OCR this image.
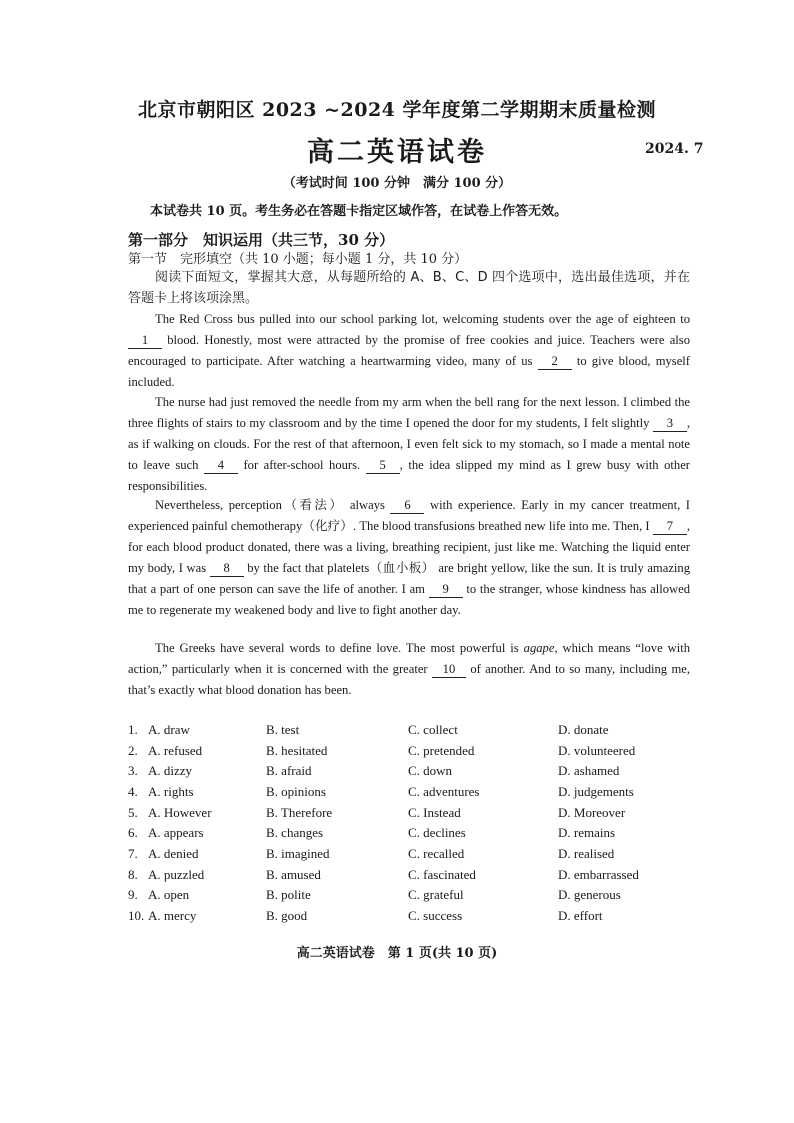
北京市朝阳区 2023 ~2024 学年度第二学期期末质量检测
高二英语试卷	2024. 7
（考试时间 100 分钟　满分 100 分）
本试卷共 10 页。考生务必在答题卡指定区域作答，在试卷上作答无效。
第一部分　知识运用（共三节，30 分）
第一节　完形填空（共 10 小题；每小题 1 分，共 10 分）
阅读下面短文，掌握其大意，从每题所给的 A、B、C、D 四个选项中，选出最佳选项，并在答题卡上将该项涂黑。
The Red Cross bus pulled into our school parking lot, welcoming students over the age of eighteen to 1 blood. Honestly, most were attracted by the promise of free cookies and juice. Teachers were also encouraged to participate. After watching a heartwarming video, many of us 2 to give blood, myself included.
The nurse had just removed the needle from my arm when the bell rang for the next lesson. I climbed the three flights of stairs to my classroom and by the time I opened the door for my students, I felt slightly 3 , as if walking on clouds. For the rest of that afternoon, I even felt sick to my stomach, so I made a mental note to leave such 4 for after-school hours. 5 , the idea slipped my mind as I grew busy with other responsibilities.
Nevertheless, perception（看法） always 6 with experience. Early in my cancer treatment, I experienced painful chemotherapy（化疗）. The blood transfusions breathed new life into me. Then, I 7 , for each blood product donated, there was a living, breathing recipient, just like me. Watching the liquid enter my body, I was 8 by the fact that platelets（血小板） are bright yellow, like the sun. It is truly amazing that a part of one person can save the life of another. I am 9 to the stranger, whose kindness has allowed me to regenerate my weakened body and live to fight another day.
The Greeks have several words to define love. The most powerful is agape, which means “love with action,” particularly when it is concerned with the greater 10 of another. And to so many, including me, that’s exactly what blood donation has been.
1. A. draw	B. test	C. collect	D. donate
2. A. refused	B. hesitated	C. pretended	D. volunteered
3. A. dizzy	B. afraid	C. down	D. ashamed
4. A. rights	B. opinions	C. adventures	D. judgements
5. A. However	B. Therefore	C. Instead	D. Moreover
6. A. appears	B. changes	C. declines	D. remains
7. A. denied	B. imagined	C. recalled	D. realised
8. A. puzzled	B. amused	C. fascinated	D. embarrassed
9. A. open	B. polite	C. grateful	D. generous
10. A. mercy	B. good	C. success	D. effort
高二英语试卷　第 1 页(共 10 页)
